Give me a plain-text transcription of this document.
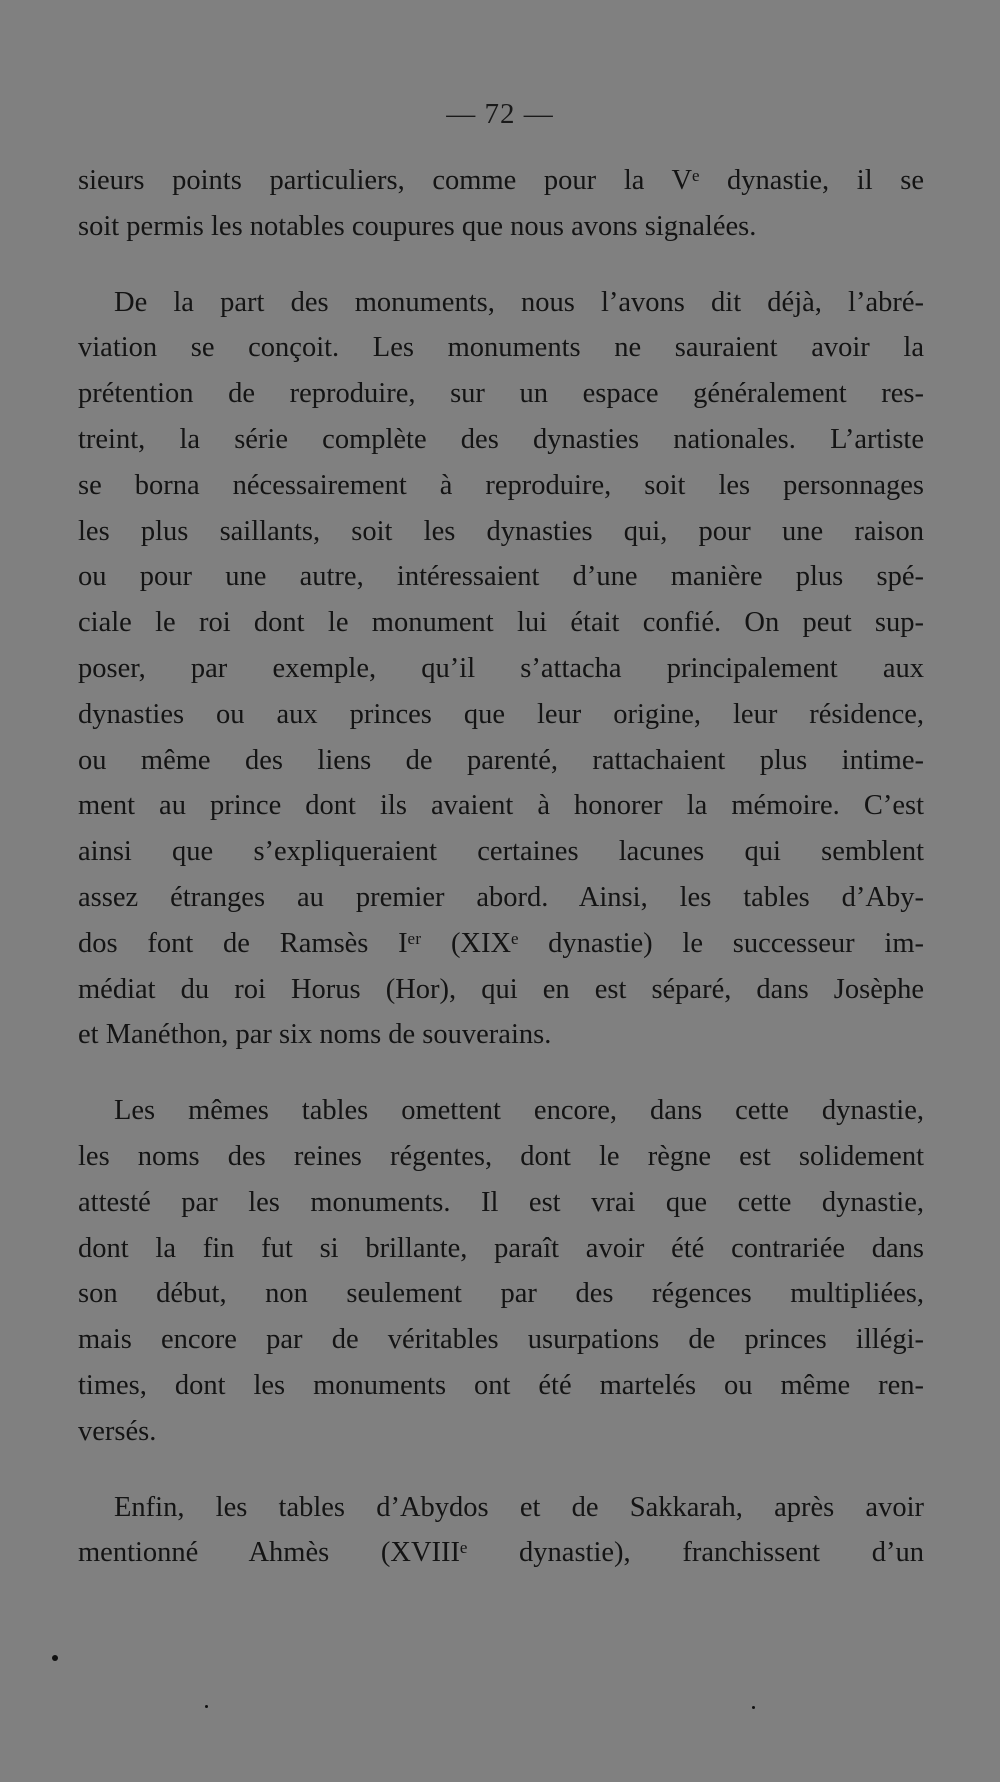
— 72 —
sieurs points particuliers, comme pour la Vᵉ dynastie, il se
soit permis les notables coupures que nous avons signalées.
De la part des monuments, nous l’avons dit déjà, l’abré-
viation se conçoit. Les monuments ne sauraient avoir la
prétention de reproduire, sur un espace généralement res-
treint, la série complète des dynasties nationales. L’artiste
se borna nécessairement à reproduire, soit les personnages
les plus saillants, soit les dynasties qui, pour une raison
ou pour une autre, intéressaient d’une manière plus spé-
ciale le roi dont le monument lui était confié. On peut sup-
poser, par exemple, qu’il s’attacha principalement aux
dynasties ou aux princes que leur origine, leur résidence,
ou même des liens de parenté, rattachaient plus intime-
ment au prince dont ils avaient à honorer la mémoire. C’est
ainsi que s’expliqueraient certaines lacunes qui semblent
assez étranges au premier abord. Ainsi, les tables d’Aby-
dos font de Ramsès Iᵉʳ (XIXᵉ dynastie) le successeur im-
médiat du roi Horus (Hor), qui en est séparé, dans Josèphe
et Manéthon, par six noms de souverains.
Les mêmes tables omettent encore, dans cette dynastie,
les noms des reines régentes, dont le règne est solidement
attesté par les monuments. Il est vrai que cette dynastie,
dont la fin fut si brillante, paraît avoir été contrariée dans
son début, non seulement par des régences multipliées,
mais encore par de véritables usurpations de princes illégi-
times, dont les monuments ont été martelés ou même ren-
versés.
Enfin, les tables d’Abydos et de Sakkarah, après avoir
mentionné Ahmès (XVIIIᵉ dynastie), franchissent d’un
